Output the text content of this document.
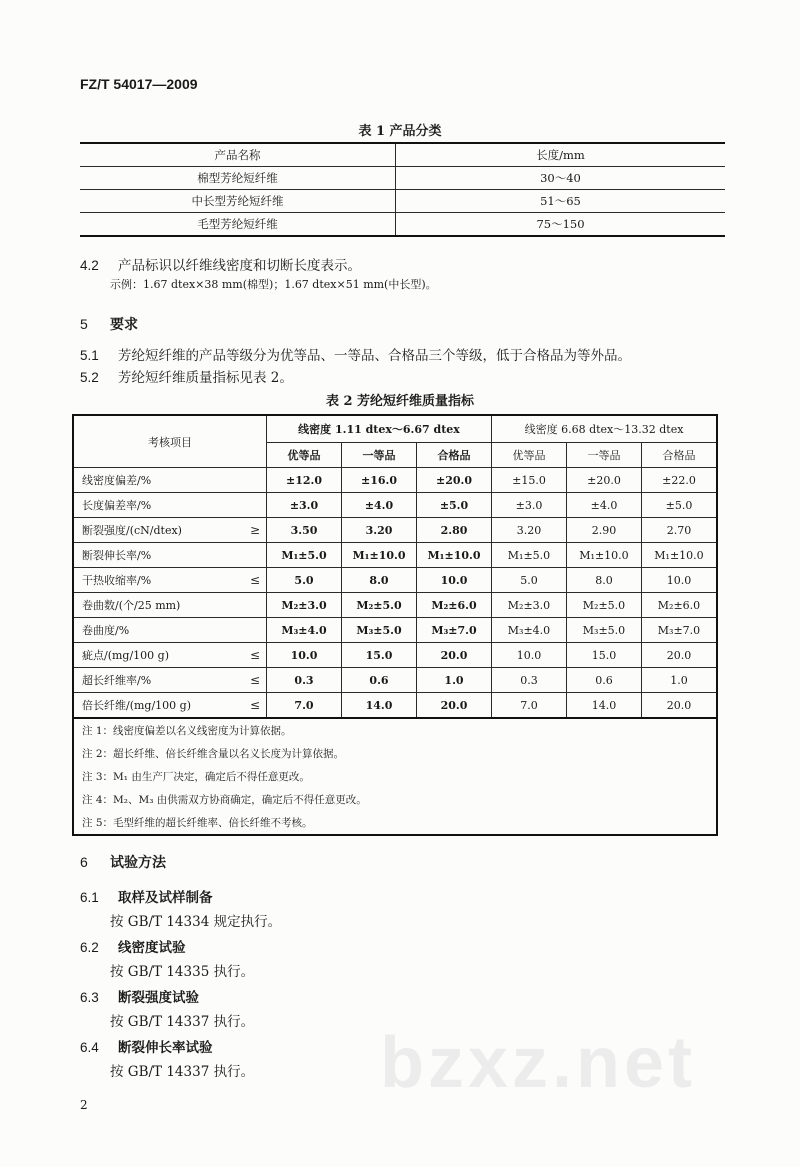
FZ/T 54017—2009
表 1 产品分类
产品名称	长度/mm
棉型芳纶短纤维	30～40
中长型芳纶短纤维	51～65
毛型芳纶短纤维	75～150
4.2 产品标识以纤维线密度和切断长度表示。
示例：1.67 dtex×38 mm(棉型)；1.67 dtex×51 mm(中长型)。
5 要求
5.1 芳纶短纤维的产品等级分为优等品、一等品、合格品三个等级，低于合格品为等外品。
5.2 芳纶短纤维质量指标见表 2。
表 2 芳纶短纤维质量指标
考核项目	线密度 1.11 dtex～6.67 dtex			线密度 6.68 dtex～13.32 dtex		
	优等品	一等品	合格品	优等品	一等品	合格品
线密度偏差/%	±12.0	±16.0	±20.0	±15.0	±20.0	±22.0
长度偏差率/%	±3.0	±4.0	±5.0	±3.0	±4.0	±5.0
断裂强度/(cN/dtex) ≥	3.50	3.20	2.80	3.20	2.90	2.70
断裂伸长率/%	M₁±5.0	M₁±10.0	M₁±10.0	M₁±5.0	M₁±10.0	M₁±10.0
干热收缩率/% ≤	5.0	8.0	10.0	5.0	8.0	10.0
卷曲数/(个/25 mm)	M₂±3.0	M₂±5.0	M₂±6.0	M₂±3.0	M₂±5.0	M₂±6.0
卷曲度/%	M₃±4.0	M₃±5.0	M₃±7.0	M₃±4.0	M₃±5.0	M₃±7.0
疵点/(mg/100 g) ≤	10.0	15.0	20.0	10.0	15.0	20.0
超长纤维率/% ≤	0.3	0.6	1.0	0.3	0.6	1.0
倍长纤维/(mg/100 g) ≤	7.0	14.0	20.0	7.0	14.0	20.0
注 1：线密度偏差以名义线密度为计算依据。						
注 2：超长纤维、倍长纤维含量以名义长度为计算依据。						
注 3：M₁ 由生产厂决定，确定后不得任意更改。						
注 4：M₂、M₃ 由供需双方协商确定，确定后不得任意更改。						
注 5：毛型纤维的超长纤维率、倍长纤维不考核。						
6 试验方法
6.1 取样及试样制备
按 GB/T 14334 规定执行。
6.2 线密度试验
按 GB/T 14335 执行。
6.3 断裂强度试验
按 GB/T 14337 执行。
6.4 断裂伸长率试验
按 GB/T 14337 执行。 bzxz.net
2
